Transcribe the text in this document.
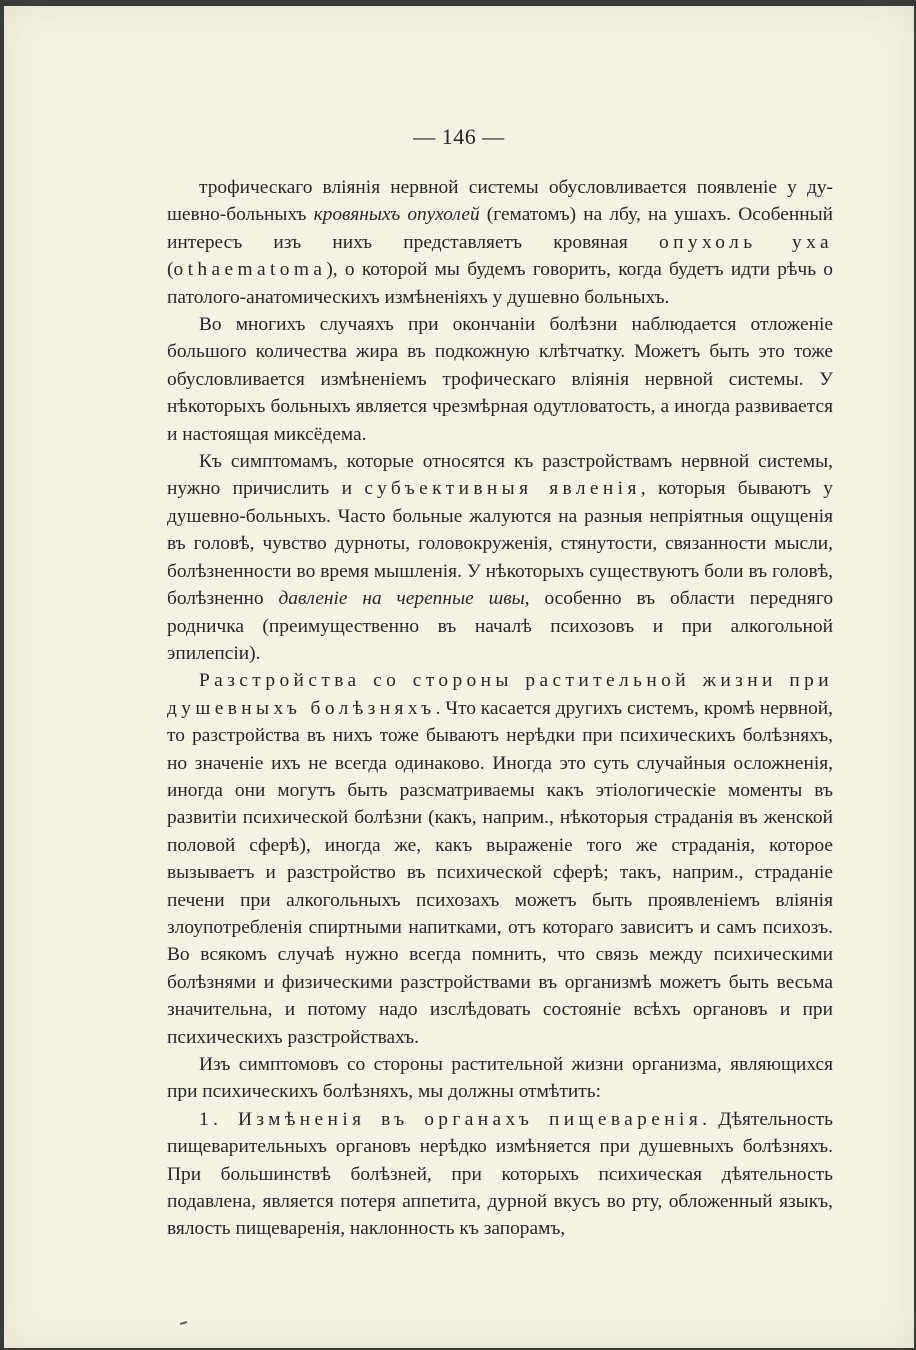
— 146 —

трофическаго вліянія нервной системы обусловливается появленіе у душевно-больныхъ кровяныхъ опухолей (гематомъ) на лбу, на ушахъ. Особенный интересъ изъ нихъ представляетъ кровяная опухоль уха (othaematoma), о которой мы будемъ говорить, когда будетъ идти рѣчь о патолого-анатомическихъ измѣненіяхъ у душевно больныхъ.

Во многихъ случаяхъ при окончаніи болѣзни наблюдается отложеніе большого количества жира въ подкожную клѣтчатку. Можетъ быть это тоже обусловливается измѣненіемъ трофическаго вліянія нервной системы. У нѣкоторыхъ больныхъ является чрезмѣрная одутловатость, а иногда развивается и настоящая миксёдема.

Къ симптомамъ, которые относятся къ разстройствамъ нервной системы, нужно причислить и субъективныя явленія, которыя бываютъ у душевно-больныхъ. Часто больные жалуются на разныя непріятныя ощущенія въ головѣ, чувство дурноты, головокруженія, стянутости, связанности мысли, болѣзненности во время мышленія. У нѣкоторыхъ существуютъ боли въ головѣ, болѣзненно давленіе на черепные швы, особенно въ области передняго родничка (преимущественно въ началѣ психозовъ и при алкогольной эпилепсіи).

Разстройства со стороны растительной жизни при душевныхъ болѣзняхъ. Что касается другихъ системъ, кромѣ нервной, то разстройства въ нихъ тоже бываютъ нерѣдки при психическихъ болѣзняхъ, но значеніе ихъ не всегда одинаково. Иногда это суть случайныя осложненія, иногда они могутъ быть разсматриваемы какъ этіологическіе моменты въ развитіи психической болѣзни (какъ, наприм., нѣкоторыя страданія въ женской половой сферѣ), иногда же, какъ выраженіе того же страданія, которое вызываетъ и разстройство въ психической сферѣ; такъ, наприм., страданіе печени при алкогольныхъ психозахъ можетъ быть проявленіемъ вліянія злоупотребленія спиртными напитками, отъ котораго зависитъ и самъ психозъ. Во всякомъ случаѣ нужно всегда помнить, что связь между психическими болѣзнями и физическими разстройствами въ организмѣ можетъ быть весьма значительна, и потому надо изслѣдовать состояніе всѣхъ органовъ и при психическихъ разстройствахъ.

Изъ симптомовъ со стороны растительной жизни организма, являющихся при психическихъ болѣзняхъ, мы должны отмѣтить:

1. Измѣненія въ органахъ пищеваренія. Дѣятельность пищеварительныхъ органовъ нерѣдко измѣняется при душевныхъ болѣзняхъ. При большинствѣ болѣзней, при которыхъ психическая дѣятельность подавлена, является потеря аппетита, дурной вкусъ во рту, обложенный языкъ, вялость пищеваренія, наклонность къ запорамъ,
